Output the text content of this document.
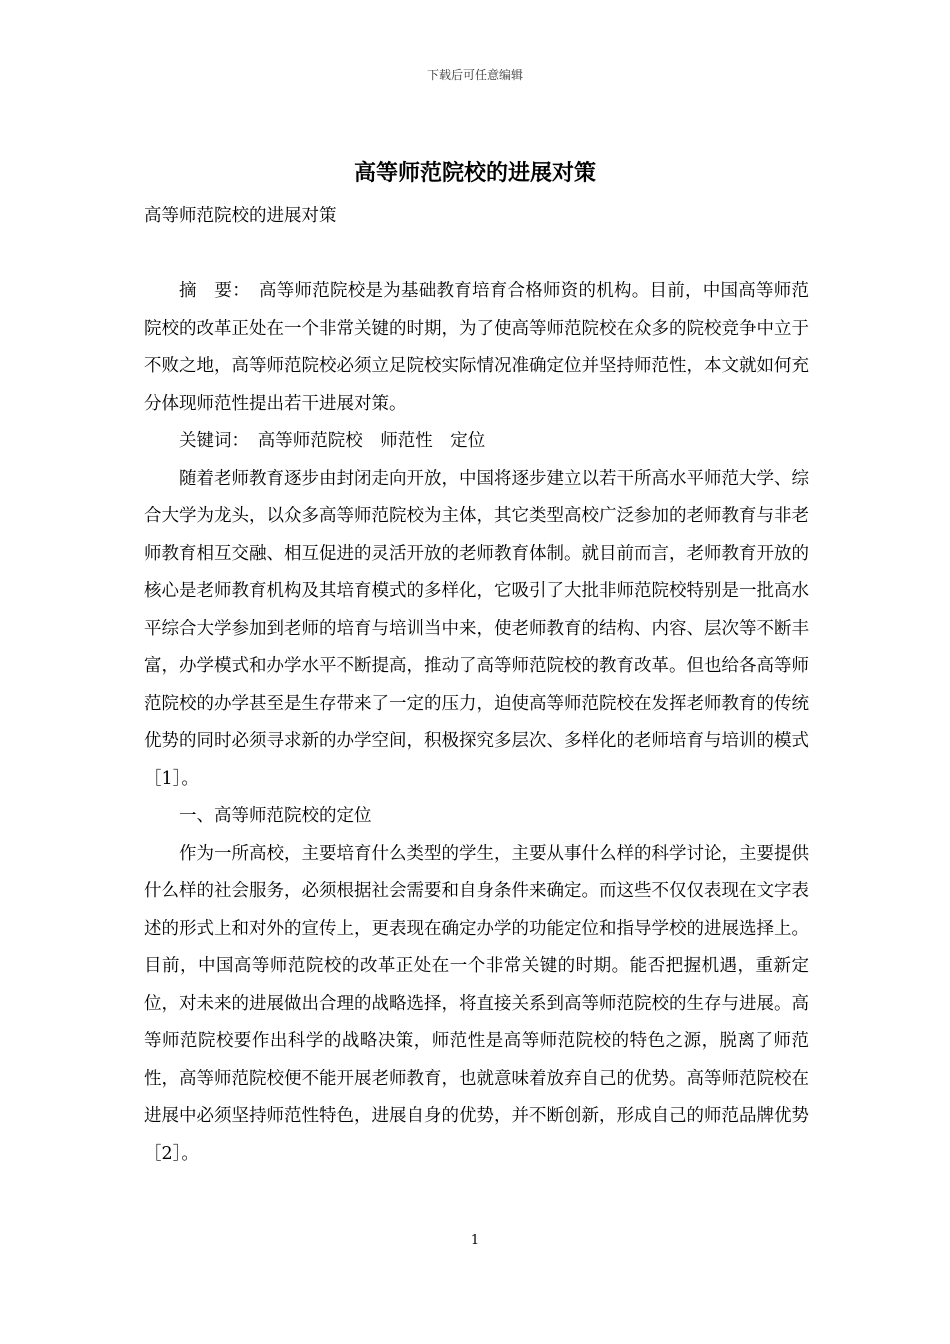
下载后可任意编辑
高等师范院校的进展对策
高等师范院校的进展对策

摘　要：　高等师范院校是为基础教育培育合格师资的机构。目前，中国高等师范院校的改革正处在一个非常关键的时期，为了使高等师范院校在众多的院校竞争中立于不败之地，高等师范院校必须立足院校实际情况准确定位并坚持师范性，本文就如何充分体现师范性提出若干进展对策。

关键词：　高等师范院校　师范性　定位

随着老师教育逐步由封闭走向开放，中国将逐步建立以若干所高水平师范大学、综合大学为龙头，以众多高等师范院校为主体，其它类型高校广泛参加的老师教育与非老师教育相互交融、相互促进的灵活开放的老师教育体制。就目前而言，老师教育开放的核心是老师教育机构及其培育模式的多样化，它吸引了大批非师范院校特别是一批高水平综合大学参加到老师的培育与培训当中来，使老师教育的结构、内容、层次等不断丰富，办学模式和办学水平不断提高，推动了高等师范院校的教育改革。但也给各高等师范院校的办学甚至是生存带来了一定的压力，迫使高等师范院校在发挥老师教育的传统优势的同时必须寻求新的办学空间，积极探究多层次、多样化的老师培育与培训的模式［1］。

一、高等师范院校的定位

作为一所高校，主要培育什么类型的学生，主要从事什么样的科学讨论，主要提供什么样的社会服务，必须根据社会需要和自身条件来确定。而这些不仅仅表现在文字表述的形式上和对外的宣传上，更表现在确定办学的功能定位和指导学校的进展选择上。目前，中国高等师范院校的改革正处在一个非常关键的时期。能否把握机遇，重新定位，对未来的进展做出合理的战略选择，将直接关系到高等师范院校的生存与进展。高等师范院校要作出科学的战略决策，师范性是高等师范院校的特色之源，脱离了师范性，高等师范院校便不能开展老师教育，也就意味着放弃自己的优势。高等师范院校在进展中必须坚持师范性特色，进展自身的优势，并不断创新，形成自己的师范品牌优势［2］。

1
